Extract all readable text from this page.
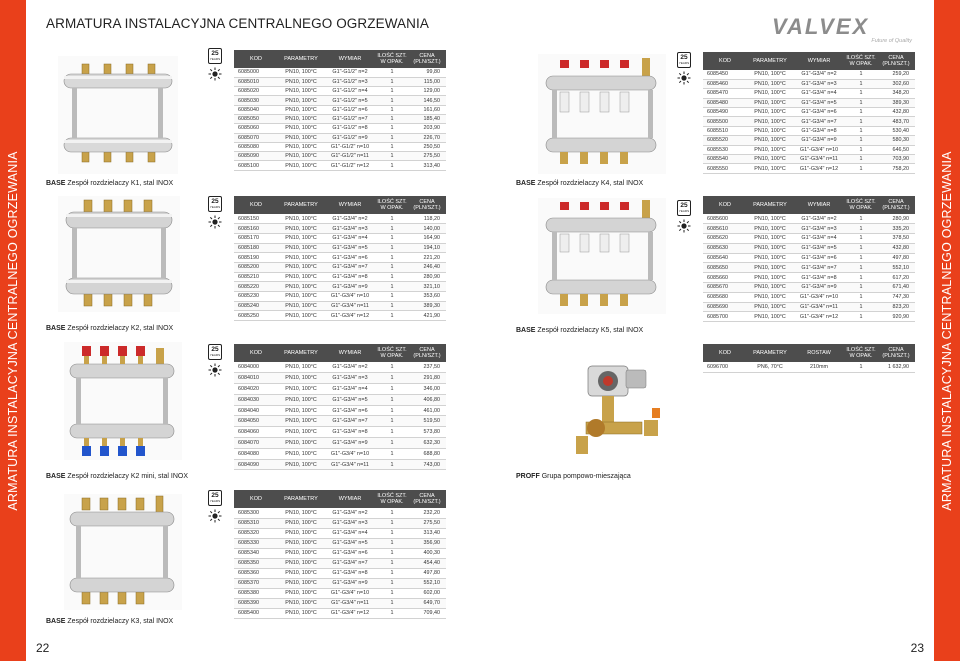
ARMATURA INSTALACYJNA CENTRALNEGO OGRZEWANIA	ARMATURA INSTALACYJNA CENTRALNEGO OGRZEWANIA
ARMATURA INSTALACYJNA CENTRALNEGO OGRZEWANIA	VALVEX
Future of Quality
BASE Zespół rozdzielaczy K1, stal INOX
25
YEARS	KOD	PARAMETRY	WYMIAR	ILOŚĆ SZT. W OPAK.	CENA (PLN/SZT.)
6085000	PN10, 100°C	G1"-G1/2" n=2	1	99,80
6085010	PN10, 100°C	G1"-G1/2" n=3	1	115,00
6085020	PN10, 100°C	G1"-G1/2" n=4	1	129,00
6085030	PN10, 100°C	G1"-G1/2" n=5	1	146,50
6085040	PN10, 100°C	G1"-G1/2" n=6	1	161,60
6085050	PN10, 100°C	G1"-G1/2" n=7	1	185,40
6085060	PN10, 100°C	G1"-G1/2" n=8	1	203,90
6085070	PN10, 100°C	G1"-G1/2" n=9	1	226,70
6085080	PN10, 100°C	G1"-G1/2" n=10	1	250,50
6085090	PN10, 100°C	G1"-G1/2" n=11	1	275,50
6085100	PN10, 100°C	G1"-G1/2" n=12	1	313,40
BASE Zespół rozdzielaczy K2, stal INOX
25
YEARS	KOD	PARAMETRY	WYMIAR	ILOŚĆ SZT. W OPAK.	CENA (PLN/SZT.)
6085150	PN10, 100°C	G1"-G3/4" n=2	1	118,20
6085160	PN10, 100°C	G1"-G3/4" n=3	1	140,00
6085170	PN10, 100°C	G1"-G3/4" n=4	1	164,90
6085180	PN10, 100°C	G1"-G3/4" n=5	1	194,10
6085190	PN10, 100°C	G1"-G3/4" n=6	1	221,20
6085200	PN10, 100°C	G1"-G3/4" n=7	1	246,40
6085210	PN10, 100°C	G1"-G3/4" n=8	1	280,90
6085220	PN10, 100°C	G1"-G3/4" n=9	1	321,10
6085230	PN10, 100°C	G1"-G3/4" n=10	1	353,60
6085240	PN10, 100°C	G1"-G3/4" n=11	1	389,30
6085250	PN10, 100°C	G1"-G3/4" n=12	1	421,90
BASE Zespół rozdzielaczy K2 mini, stal INOX
25
YEARS	KOD	PARAMETRY	WYMIAR	ILOŚĆ SZT. W OPAK.	CENA (PLN/SZT.)
6084000	PN10, 100°C	G1"-G3/4" n=2	1	237,50
6084010	PN10, 100°C	G1"-G3/4" n=3	1	291,80
6084020	PN10, 100°C	G1"-G3/4" n=4	1	346,00
6084030	PN10, 100°C	G1"-G3/4" n=5	1	406,80
6084040	PN10, 100°C	G1"-G3/4" n=6	1	461,00
6084050	PN10, 100°C	G1"-G3/4" n=7	1	519,50
6084060	PN10, 100°C	G1"-G3/4" n=8	1	573,80
6084070	PN10, 100°C	G1"-G3/4" n=9	1	632,30
6084080	PN10, 100°C	G1"-G3/4" n=10	1	688,80
6084090	PN10, 100°C	G1"-G3/4" n=11	1	743,00
BASE Zespół rozdzielaczy K3, stal INOX
25
YEARS	KOD	PARAMETRY	WYMIAR	ILOŚĆ SZT. W OPAK.	CENA (PLN/SZT.)
6085300	PN10, 100°C	G1"-G3/4" n=2	1	232,20
6085310	PN10, 100°C	G1"-G3/4" n=3	1	275,50
6085320	PN10, 100°C	G1"-G3/4" n=4	1	313,40
6085330	PN10, 100°C	G1"-G3/4" n=5	1	356,90
6085340	PN10, 100°C	G1"-G3/4" n=6	1	400,30
6085350	PN10, 100°C	G1"-G3/4" n=7	1	454,40
6085360	PN10, 100°C	G1"-G3/4" n=8	1	497,80
6085370	PN10, 100°C	G1"-G3/4" n=9	1	552,10
6085380	PN10, 100°C	G1"-G3/4" n=10	1	602,00
6085390	PN10, 100°C	G1"-G3/4" n=11	1	649,70
6085400	PN10, 100°C	G1"-G3/4" n=12	1	709,40
BASE Zespół rozdzielaczy K4, stal INOX
25
YEARS	KOD	PARAMETRY	WYMIAR	ILOŚĆ SZT. W OPAK.	CENA (PLN/SZT.)
6085450	PN10, 100°C	G1"-G3/4" n=2	1	259,20
6085460	PN10, 100°C	G1"-G3/4" n=3	1	302,60
6085470	PN10, 100°C	G1"-G3/4" n=4	1	348,20
6085480	PN10, 100°C	G1"-G3/4" n=5	1	389,30
6085490	PN10, 100°C	G1"-G3/4" n=6	1	432,80
6085500	PN10, 100°C	G1"-G3/4" n=7	1	483,70
6085510	PN10, 100°C	G1"-G3/4" n=8	1	530,40
6085520	PN10, 100°C	G1"-G3/4" n=9	1	580,30
6085530	PN10, 100°C	G1"-G3/4" n=10	1	646,50
6085540	PN10, 100°C	G1"-G3/4" n=11	1	703,90
6085550	PN10, 100°C	G1"-G3/4" n=12	1	758,20
BASE Zespół rozdzielaczy K5, stal INOX
25
YEARS
KOD	PARAMETRY	WYMIAR	ILOŚĆ SZT. W OPAK.	CENA (PLN/SZT.)
6085600	PN10, 100°C	G1"-G3/4" n=2	1	280,90
6085610	PN10, 100°C	G1"-G3/4" n=3	1	335,20
6085620	PN10, 100°C	G1"-G3/4" n=4	1	378,50
6085630	PN10, 100°C	G1"-G3/4" n=5	1	432,80
6085640	PN10, 100°C	G1"-G3/4" n=6	1	497,80
6085650	PN10, 100°C	G1"-G3/4" n=7	1	552,10
6085660	PN10, 100°C	G1"-G3/4" n=8	1	617,20
6085670	PN10, 100°C	G1"-G3/4" n=9	1	671,40
6085680	PN10, 100°C	G1"-G3/4" n=10	1	747,30
6085690	PN10, 100°C	G1"-G3/4" n=11	1	823,20
6085700	PN10, 100°C	G1"-G3/4" n=12	1	920,90
PROFF Grupa pompowo-mieszająca
KOD	PARAMETRY	ROSTAW	ILOŚĆ SZT. W OPAK.	CENA (PLN/SZT.)
6096700	PN6, 70°C	210mm	1	1 632,90
22	23
